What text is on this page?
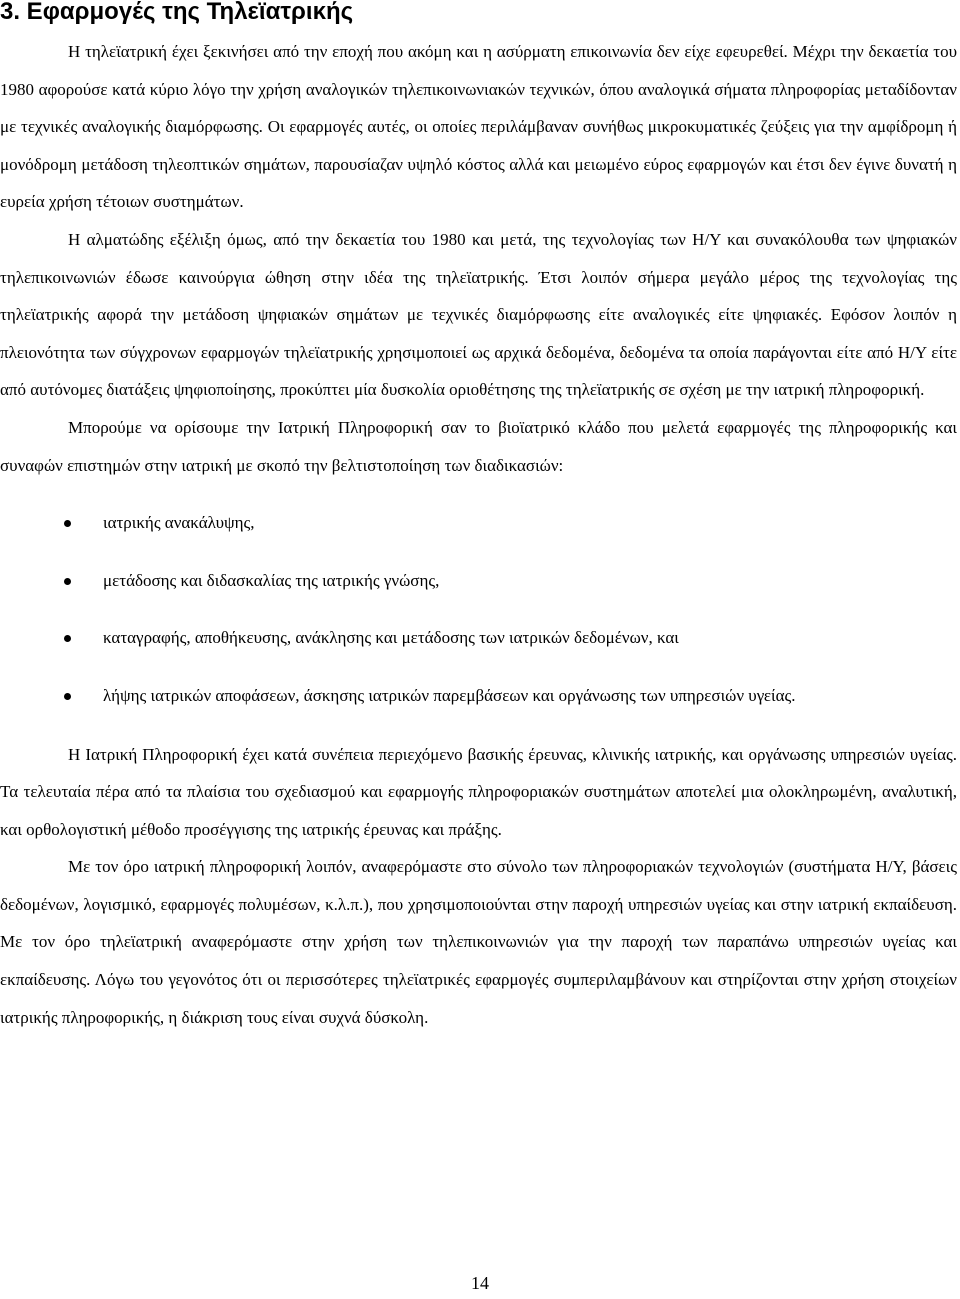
3. Εφαρμογές της Τηλεϊατρικής

Η τηλεϊατρική έχει ξεκινήσει από την εποχή που ακόμη και η ασύρματη επικοινωνία δεν είχε εφευρεθεί. Μέχρι την δεκαετία του 1980 αφορούσε κατά κύριο λόγο την χρήση αναλογικών τηλεπικοινωνιακών τεχνικών, όπου αναλογικά σήματα πληροφορίας μεταδίδονταν με τεχνικές αναλογικής διαμόρφωσης. Οι εφαρμογές αυτές, οι οποίες περιλάμβαναν συνήθως μικροκυματικές ζεύξεις για την αμφίδρομη ή μονόδρομη μετάδοση τηλεοπτικών σημάτων, παρουσίαζαν υψηλό κόστος αλλά και μειωμένο εύρος εφαρμογών και έτσι δεν έγινε δυνατή η ευρεία χρήση τέτοιων συστημάτων.

Η αλματώδης εξέλιξη όμως, από την δεκαετία του 1980 και μετά, της τεχνολογίας των Η/Υ και συνακόλουθα των ψηφιακών τηλεπικοινωνιών έδωσε καινούργια ώθηση στην ιδέα της τηλεϊατρικής. Έτσι λοιπόν σήμερα μεγάλο μέρος της τεχνολογίας της τηλεϊατρικής αφορά την μετάδοση ψηφιακών σημάτων με τεχνικές διαμόρφωσης είτε αναλογικές είτε ψηφιακές. Εφόσον λοιπόν η πλειονότητα των σύγχρονων εφαρμογών τηλεϊατρικής χρησιμοποιεί ως αρχικά δεδομένα, δεδομένα τα οποία παράγονται είτε από Η/Υ είτε από αυτόνομες διατάξεις ψηφιοποίησης, προκύπτει μία δυσκολία οριοθέτησης της τηλεϊατρικής σε σχέση με την ιατρική πληροφορική.

Μπορούμε να ορίσουμε την Ιατρική Πληροφορική σαν το βιοϊατρικό κλάδο που μελετά εφαρμογές της πληροφορικής και συναφών επιστημών στην ιατρική με σκοπό την βελτιστοποίηση των διαδικασιών:

ιατρικής ανακάλυψης,
μετάδοσης και διδασκαλίας της ιατρικής γνώσης,
καταγραφής, αποθήκευσης, ανάκλησης και μετάδοσης των ιατρικών δεδομένων, και
λήψης ιατρικών αποφάσεων, άσκησης ιατρικών παρεμβάσεων και οργάνωσης των υπηρεσιών υγείας.

Η Ιατρική Πληροφορική έχει κατά συνέπεια περιεχόμενο βασικής έρευνας, κλινικής ιατρικής, και οργάνωσης υπηρεσιών υγείας. Τα τελευταία πέρα από τα πλαίσια του σχεδιασμού και εφαρμογής πληροφοριακών συστημάτων αποτελεί μια ολοκληρωμένη, αναλυτική, και ορθολογιστική μέθοδο προσέγγισης της ιατρικής έρευνας και πράξης.

Με τον όρο ιατρική πληροφορική λοιπόν, αναφερόμαστε στο σύνολο των πληροφοριακών τεχνολογιών (συστήματα Η/Υ, βάσεις δεδομένων, λογισμικό, εφαρμογές πολυμέσων, κ.λ.π.), που χρησιμοποιούνται στην παροχή υπηρεσιών υγείας και στην ιατρική εκπαίδευση. Με τον όρο τηλεϊατρική αναφερόμαστε στην χρήση των τηλεπικοινωνιών για την παροχή των παραπάνω υπηρεσιών υγείας και εκπαίδευσης. Λόγω του γεγονότος ότι οι περισσότερες τηλεϊατρικές εφαρμογές συμπεριλαμβάνουν και στηρίζονται στην χρήση στοιχείων ιατρικής πληροφορικής, η διάκριση τους είναι συχνά δύσκολη.

14
